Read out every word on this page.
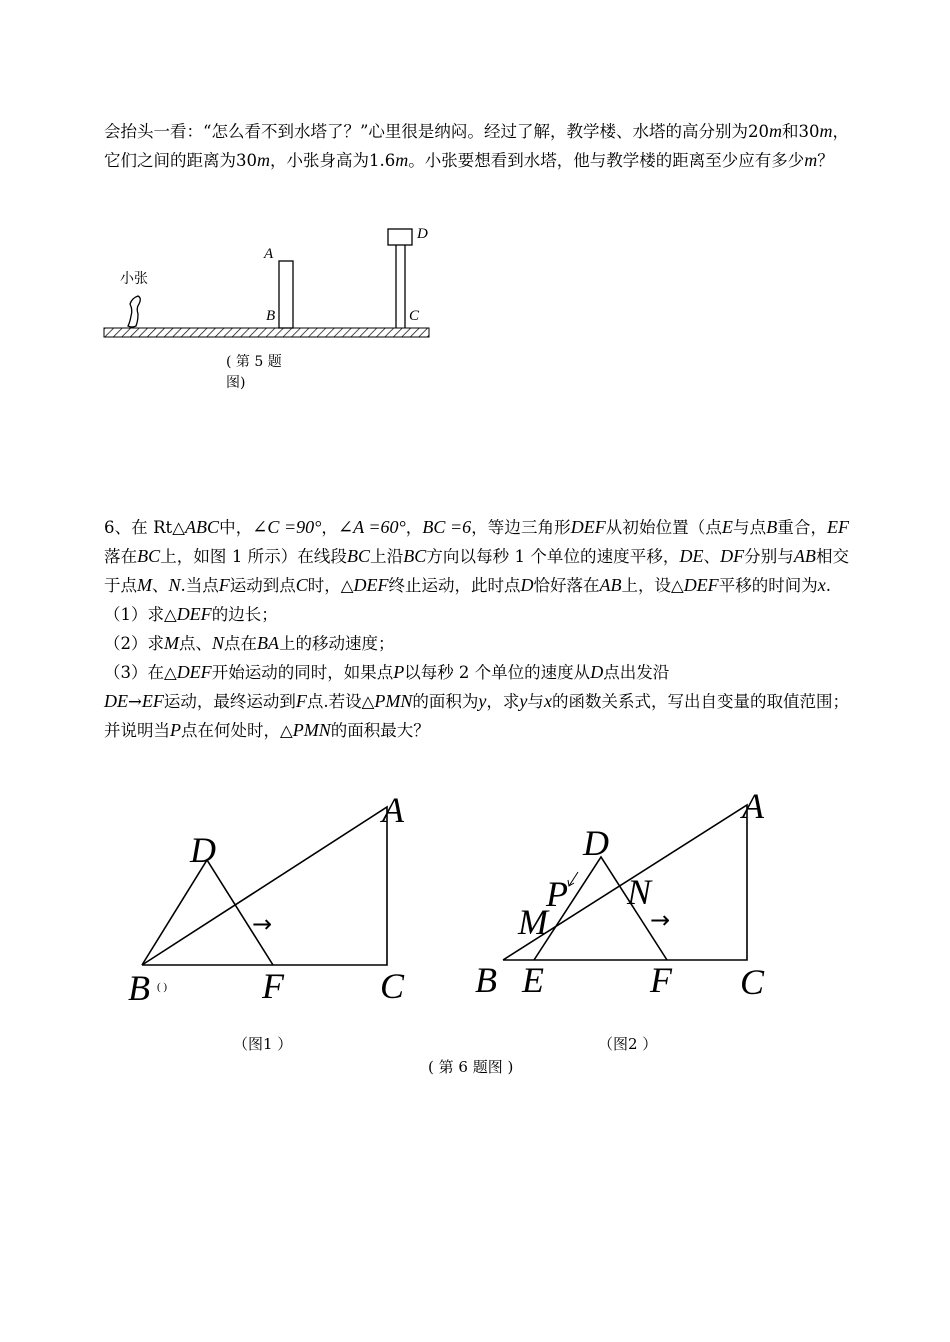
会抬头一看：“怎么看不到水塔了？”心里很是纳闷。经过了解，教学楼、水塔的高分别为20m和30m，它们之间的距离为30m，小张身高为1.6m。小张要想看到水塔，他与教学楼的距离至少应有多少m？

小张
A
B	C
D
( 第 5 题
图)

6、在 Rt△ABC中，∠C =90°，∠A =60°，BC =6，等边三角形DEF从初始位置（点E与点B重合，EF落在BC上，如图 1 所示）在线段BC上沿BC方向以每秒 1 个单位的速度平移，DE、DF分别与AB相交于点M、N.当点F运动到点C时，△DEF终止运动，此时点D恰好落在AB上，设△DEF平移的时间为x.

（1）求△DEF的边长；

（2）求M点、N点在BA上的移动速度；

（3）在△DEF开始运动的同时，如果点P以每秒 2 个单位的速度从D点出发沿
DE→EF运动，最终运动到F点.若设△PMN的面积为y，求y与x的函数关系式，写出自变量的取值范围；并说明当P点在何处时，△PMN的面积最大？

A
D
B ( )	F	C
→
A
D
P N
M	→
B E	F C
（图1 ）	（图2 ）
( 第 6 题图 )
